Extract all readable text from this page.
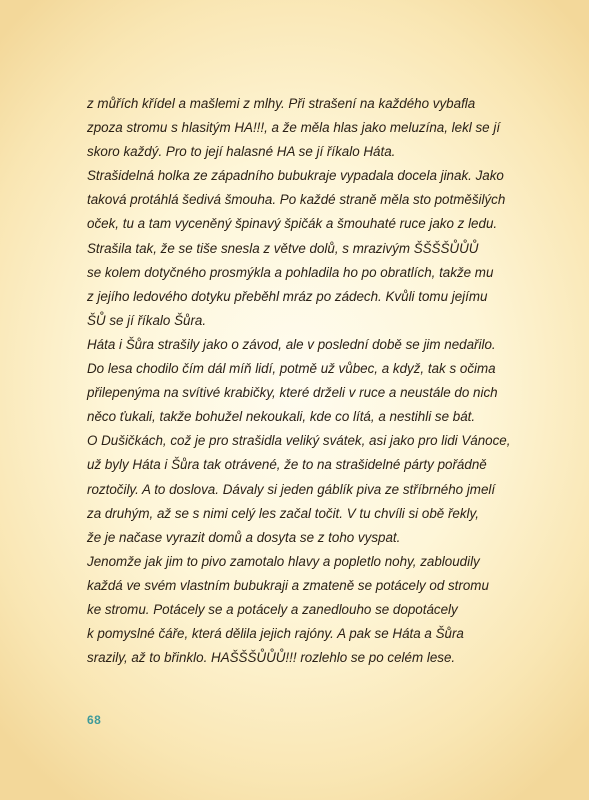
z můřích křídel a mašlemi z mlhy. Při strašení na každého vybafla
zpoza stromu s hlasitým HA!!!, a že měla hlas jako meluzína, lekl se jí
skoro každý. Pro to její halasné HA se jí říkalo Háta.
Strašidelná holka ze západního bubukraje vypadala docela jinak. Jako
taková protáhlá šedivá šmouha. Po každé straně měla sto potměšilých
oček, tu a tam vyceněný špinavý špičák a šmouhaté ruce jako z ledu.
Strašila tak, že se tiše snesla z větve dolů, s mrazivým ŠŠŠŠŮŮŮ
se kolem dotyčného prosmýkla a pohladila ho po obratlích, takže mu
z jejího ledového dotyku přeběhl mráz po zádech. Kvůli tomu jejímu
ŠŮ se jí říkalo Šůra.
Háta i Šůra strašily jako o závod, ale v poslední době se jim nedařilo.
Do lesa chodilo čím dál míň lidí, potmě už vůbec, a když, tak s očima
přilepenýma na svítivé krabičky, které drželi v ruce a neustále do nich
něco ťukali, takže bohužel nekoukali, kde co lítá, a nestihli se bát.
O Dušičkách, což je pro strašidla veliký svátek, asi jako pro lidi Vánoce,
už byly Háta i Šůra tak otrávené, že to na strašidelné párty pořádně
roztočily. A to doslova. Dávaly si jeden gáblík piva ze stříbrného jmelí
za druhým, až se s nimi celý les začal točit. V tu chvíli si obě řekly,
že je načase vyrazit domů a dosyta se z toho vyspat.
Jenomže jak jim to pivo zamotalo hlavy a popletlo nohy, zabloudily
každá ve svém vlastním bubukraji a zmateně se potácely od stromu
ke stromu. Potácely se a potácely a zanedlouho se dopotácely
k pomyslné čáře, která dělila jejich rajóny. A pak se Háta a Šůra
srazily, až to břinklo. HAŠŠŠŮŮŮ!!! rozlehlo se po celém lese.
68
